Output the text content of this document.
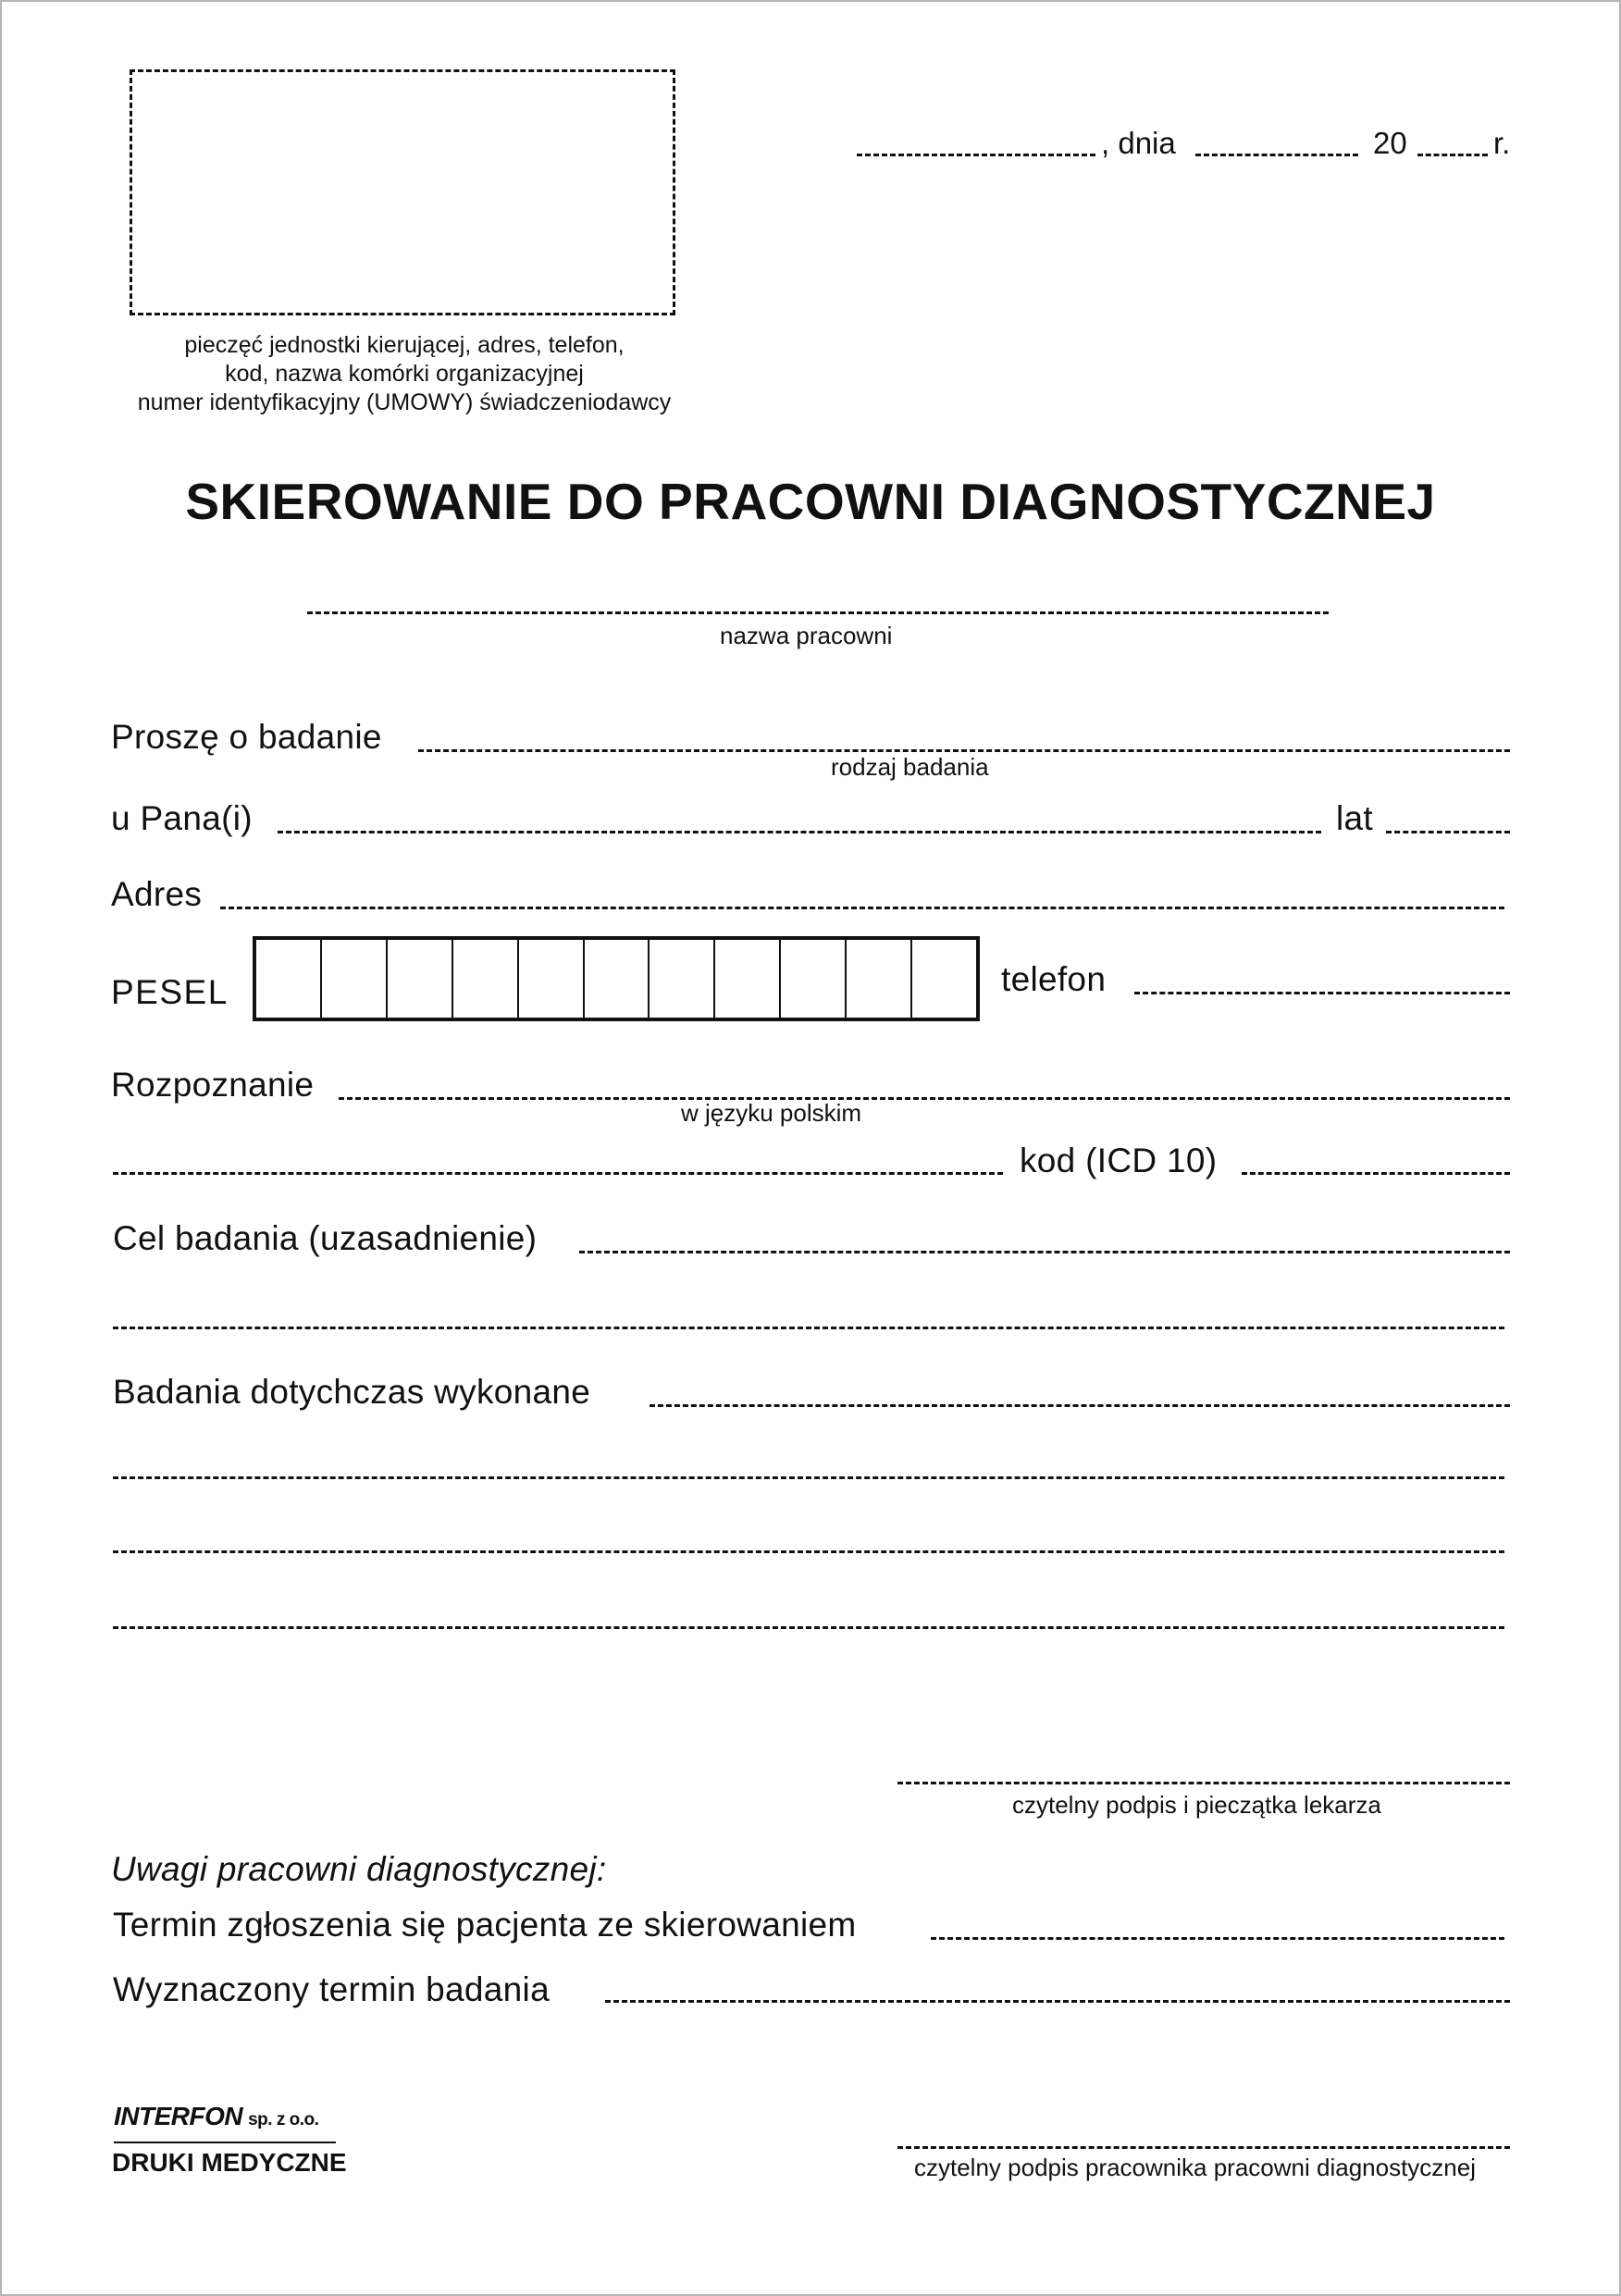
pieczęć jednostki kierującej, adres, telefon,
kod, nazwa komórki organizacyjnej
numer identyfikacyjny (UMOWY) świadczeniodawcy
, dnia	20	r.
SKIEROWANIE DO PRACOWNI DIAGNOSTYCZNEJ
nazwa pracowni
Proszę o badanie
rodzaj badania
u Pana(i)	lat
Adres
PESEL	telefon
Rozpoznanie
w języku polskim
kod (ICD 10)
Cel badania (uzasadnienie)
Badania dotychczas wykonane
czytelny podpis i pieczątka lekarza
Uwagi pracowni diagnostycznej:
Termin zgłoszenia się pacjenta ze skierowaniem
Wyznaczony termin badania
INTERFON sp. z o.o.
DRUKI MEDYCZNE	czytelny podpis pracownika pracowni diagnostycznej
